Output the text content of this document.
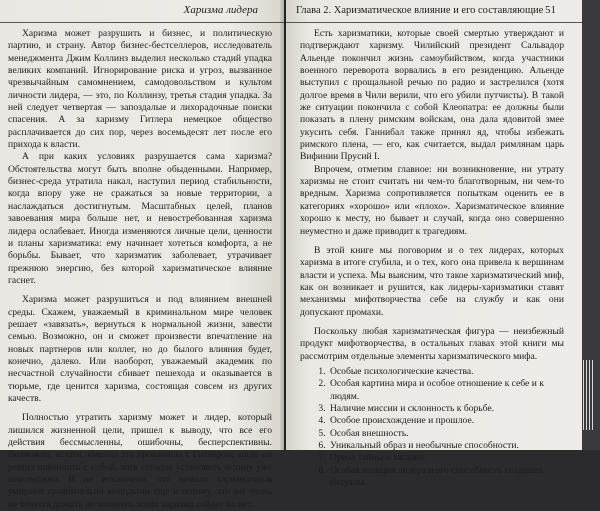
Харизма лидера

Харизма может разрушить и бизнес, и политическую партию, и страну. Автор бизнес-бестселлеров, исследователь менеджмента Джим Коллинз выделил несколько стадий упадка великих компаний. Игнорирование риска и угроз, вызванное чрезвычайным самомнением, самодовольством и культом личности лидера, — это, по Коллинзу, третья стадия упадка. За ней следует четвертая — запоздалые и лихорадочные поиски спасения. А за харизму Гитлера немецкое общество расплачивается до сих пор, через восемьдесят лет после его прихода к власти.

А при каких условиях разрушается сама харизма? Обстоятельства могут быть вполне обыденными. Например, бизнес-среда утратила накал, наступил период стабильности, когда впору уже не сражаться за новые территории, а наслаждаться достигнутым. Масштабных целей, планов завоевания мира больше нет, и невостребованная харизма лидера ослабевает. Иногда изменяются личные цели, ценности и планы харизматика: ему начинает хотеться комфорта, а не борьбы. Бывает, что харизматик заболевает, утрачивает прежнюю энергию, без которой харизматическое влияние гаснет.

Харизма может разрушиться и под влиянием внешней среды. Скажем, уважаемый в криминальном мире человек решает «завязать», вернуться к нормальной жизни, завести семью. Возможно, он и сможет произвести впечатление на новых партнеров или коллег, но до былого влияния будет, конечно, далеко. Или наоборот, уважаемый академик по несчастной случайности сбивает пешехода и оказывается в тюрьме, где ценится харизма, состоящая совсем из других качеств.

Полностью утратить харизму может и лидер, который лишился жизненной цели, пришел к выводу, что все его действия бессмысленны, ошибочны, бесперспективны. Возможно, кстати, именно это произошло с Гитлером, когда он решил покончить с собой, хотя сегодня установить истину уже невозможно. И не исключено, что немало харизматиков умирают сравнительно молодыми еще и потому, что им очень не хочется дожить до момента, когда харизма сойдет на нет.

Глава 2. Харизматическое влияние и его составляющие 51

Есть харизматики, которые своей смертью утверждают и подтверждают харизму. Чилийский президент Сальвадор Альенде покончил жизнь самоубийством, когда участники военного переворота ворвались в его резиденцию. Альенде выступил с прощальной речью по радио и застрелился (хотя долгое время в Чили верили, что его убили путчисты). В такой же ситуации покончила с собой Клеопатра: ее должны были показать в плену римским войскам, она дала ядовитой змее укусить себя. Ганнибал также принял яд, чтобы избежать римского плена, — его, как считается, выдал римлянам царь Вифинии Прусий I.

Впрочем, отметим главное: ни возникновение, ни утрату харизмы не стоит считать ни чем-то благотворным, ни чем-то вредным. Харизма сопротивляется попыткам оценить ее в категориях «хорошо» или «плохо». Харизматическое влияние хорошо к месту, но бывает и случай, когда оно совершенно неуместно и даже приводит к трагедиям.

В этой книге мы поговорим и о тех лидерах, которых харизма в итоге сгубила, и о тех, кого она привела к вершинам власти и успеха. Мы выясним, что такое харизматический миф, как он возникает и рушится, как лидеры-харизматики ставят механизмы мифотворчества себе на службу и как они допускают промахи.

Поскольку любая харизматическая фигура — неизбежный продукт мифотворчества, в остальных главах этой книги мы рассмотрим отдельные элементы харизматического мифа.

1. Особые психологические качества.
2. Особая картина мира и особое отношение к себе и к людям.
3. Наличие миссии и склонность к борьбе.
4. Особое происхождение и прошлое.
5. Особая внешность.
6. Уникальный образ и необычные способности.
7. Ореол тайны и загадки.
8. Особая позиция лидера и его способность создавать ритуалы.
